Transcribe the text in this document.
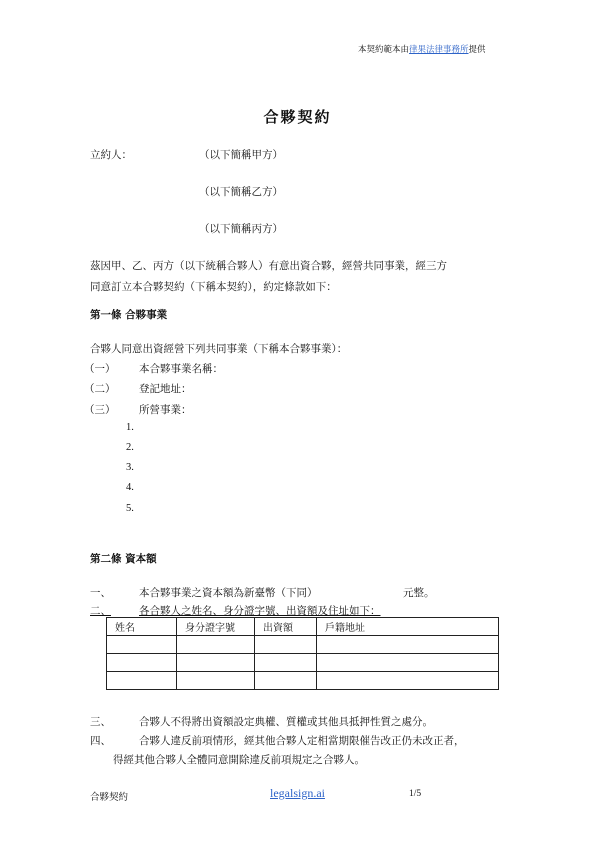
本契約範本由律果法律事務所提供
合夥契約
立約人：	（以下簡稱甲方）
（以下簡稱乙方）
（以下簡稱丙方）
茲因甲、乙、丙方（以下統稱合夥人）有意出資合夥，經營共同事業，經三方
同意訂立本合夥契約（下稱本契約），約定條款如下：
第一條 合夥事業
合夥人同意出資經營下列共同事業（下稱本合夥事業）：
（一） 本合夥事業名稱：
（二） 登記地址：
（三） 所營事業：
1.
2.
3.
4.
5.
第二條 資本額
一、	本合夥事業之資本額為新臺幣（下同）	元整。
二、	各合夥人之姓名、身分證字號、出資額及住址如下：
姓名	身分證字號	出資額	戶籍地址

三、	合夥人不得將出資額設定典權、質權或其他具抵押性質之處分。
四、	合夥人違反前項情形，經其他合夥人定相當期限催告改正仍未改正者，
得經其他合夥人全體同意開除違反前項規定之合夥人。
合夥契約	legalsign.ai	1/5
